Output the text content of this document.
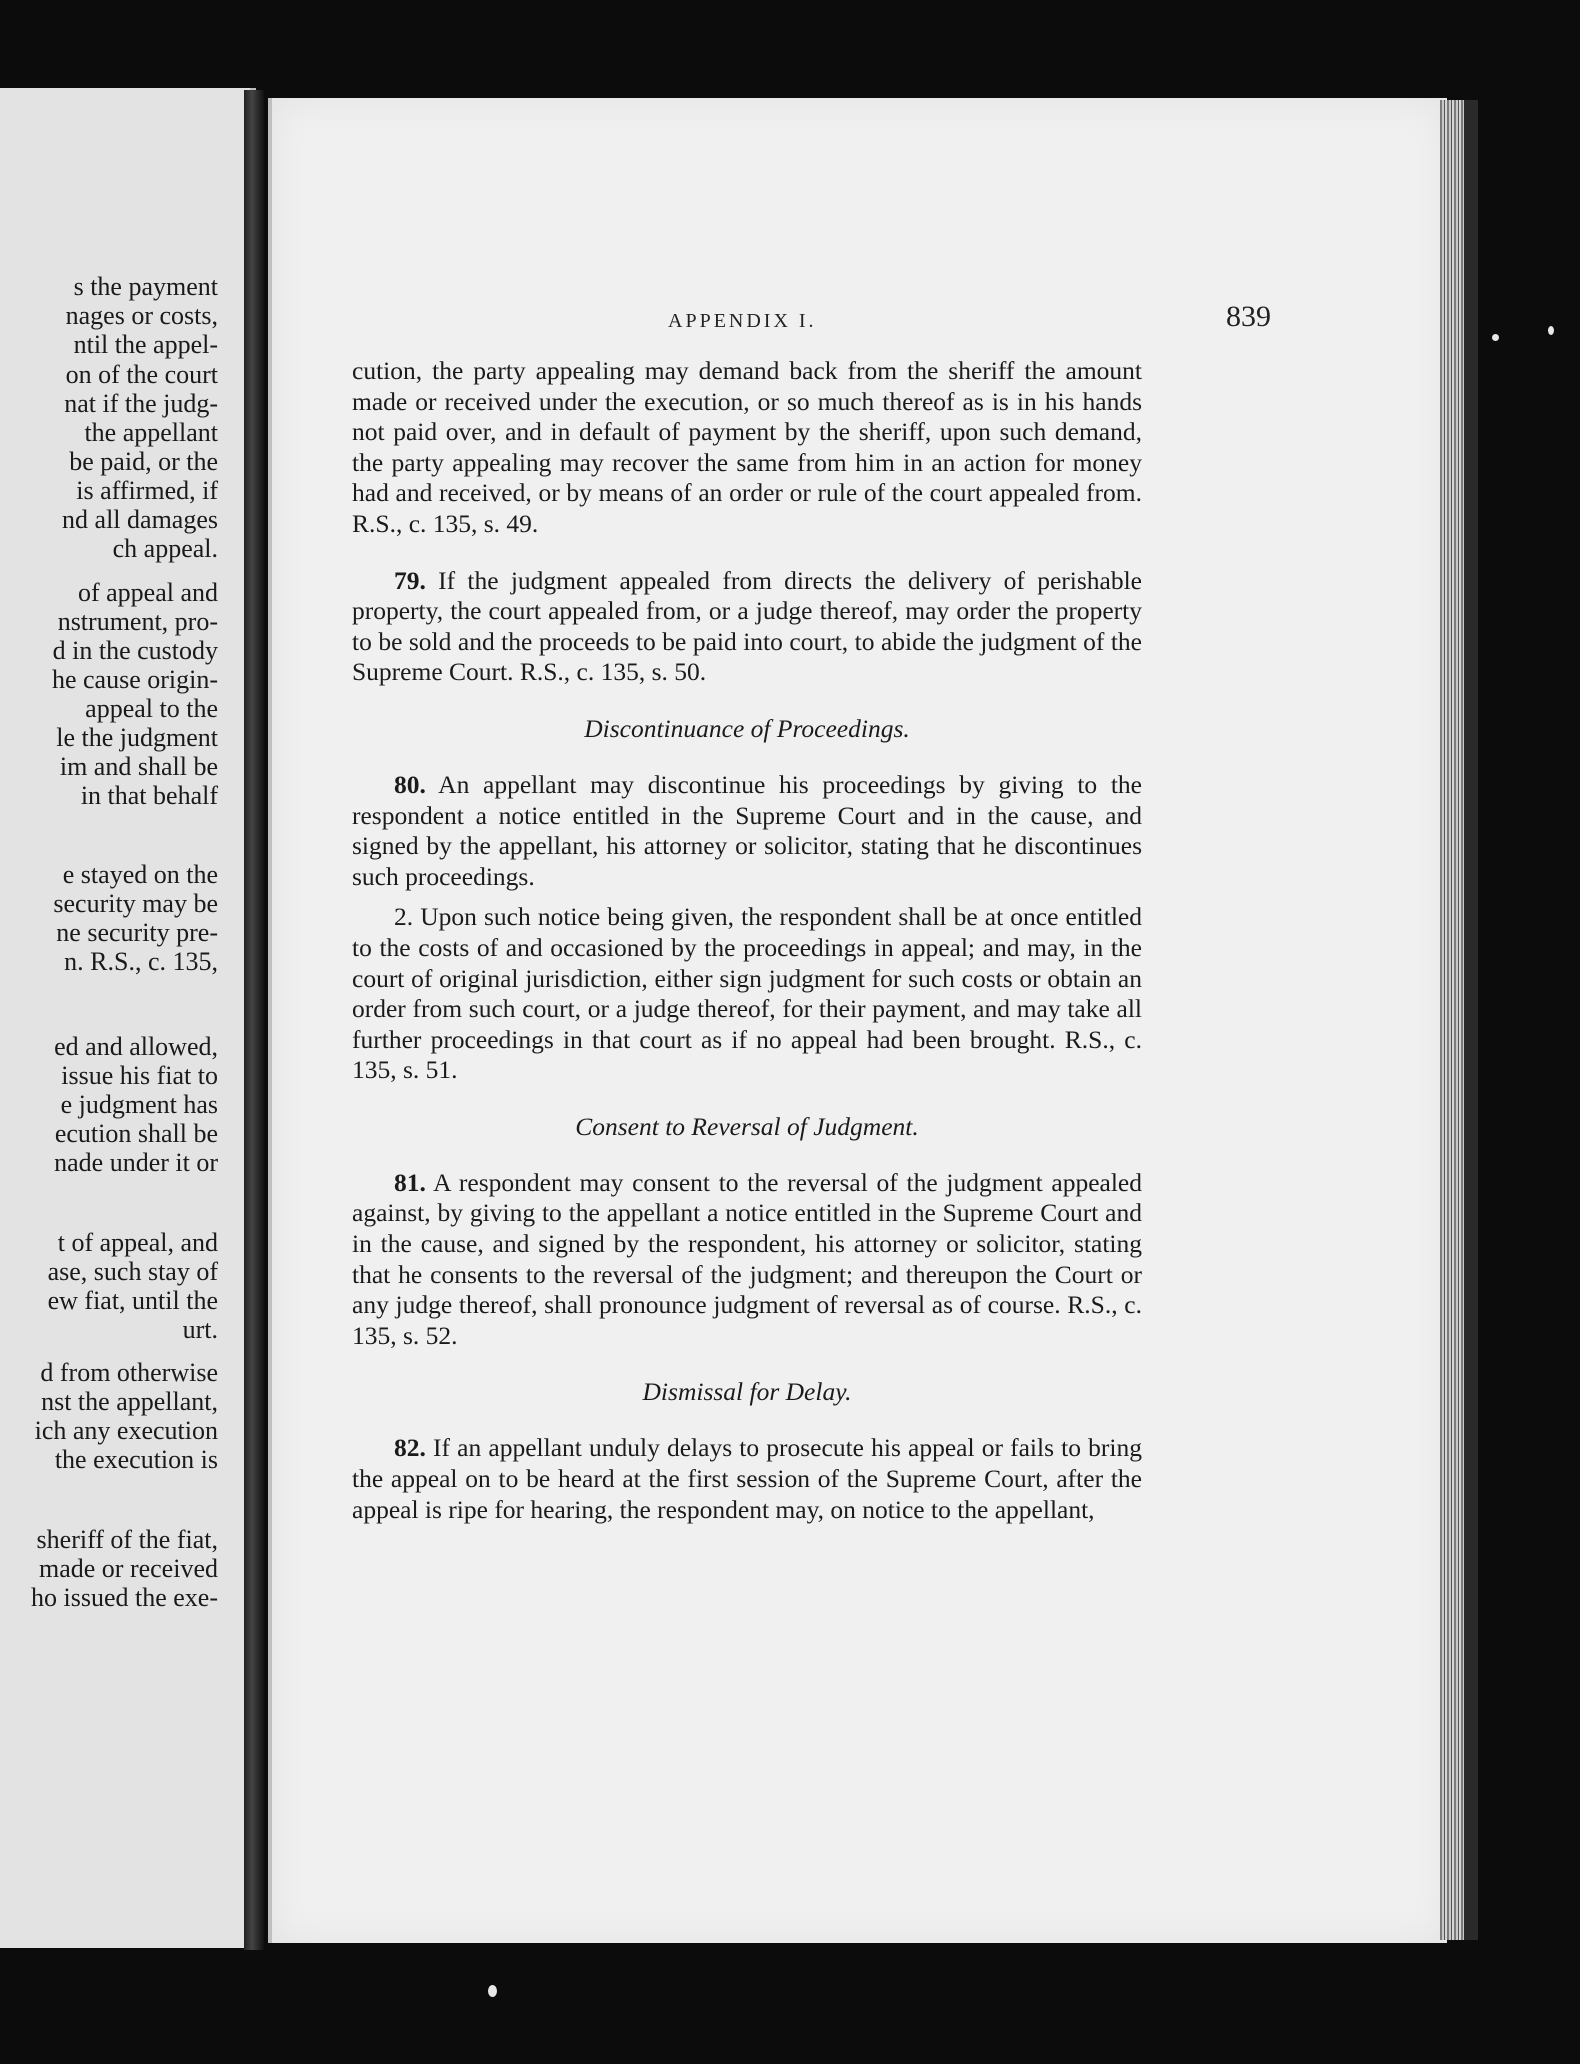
s the payment
nages or costs,
ntil the appel-
on of the court
nat if the judg-
the appellant
be paid, or the
is affirmed, if
nd all damages
ch appeal.
of appeal and
nstrument, pro-
d in the custody
he cause origin-
appeal to the
le the judgment
im and shall be
in that behalf
e stayed on the
security may be
ne security pre-
n. R.S., c. 135,
ed and allowed,
issue his fiat to
e judgment has
ecution shall be
nade under it or
t of appeal, and
ase, such stay of
ew fiat, until the
urt.
d from otherwise
nst the appellant,
ich any execution
the execution is
sheriff of the fiat,
made or received
ho issued the exe-
APPENDIX I.	839

cution, the party appealing may demand back from the sheriff the amount made or received under the execution, or so much thereof as is in his hands not paid over, and in default of payment by the sheriff, upon such demand, the party appealing may recover the same from him in an action for money had and received, or by means of an order or rule of the court appealed from. R.S., c. 135, s. 49.

79. If the judgment appealed from directs the delivery of perishable property, the court appealed from, or a judge thereof, may order the property to be sold and the proceeds to be paid into court, to abide the judgment of the Supreme Court. R.S., c. 135, s. 50.

Discontinuance of Proceedings.

80. An appellant may discontinue his proceedings by giving to the respondent a notice entitled in the Supreme Court and in the cause, and signed by the appellant, his attorney or solicitor, stating that he discontinues such proceedings.

2. Upon such notice being given, the respondent shall be at once entitled to the costs of and occasioned by the proceedings in appeal; and may, in the court of original jurisdiction, either sign judgment for such costs or obtain an order from such court, or a judge thereof, for their payment, and may take all further proceedings in that court as if no appeal had been brought. R.S., c. 135, s. 51.

Consent to Reversal of Judgment.

81. A respondent may consent to the reversal of the judgment appealed against, by giving to the appellant a notice entitled in the Supreme Court and in the cause, and signed by the respondent, his attorney or solicitor, stating that he consents to the reversal of the judgment; and thereupon the Court or any judge thereof, shall pronounce judgment of reversal as of course. R.S., c. 135, s. 52.

Dismissal for Delay.

82. If an appellant unduly delays to prosecute his appeal or fails to bring the appeal on to be heard at the first session of the Supreme Court, after the appeal is ripe for hearing, the respondent may, on notice to the appellant,
